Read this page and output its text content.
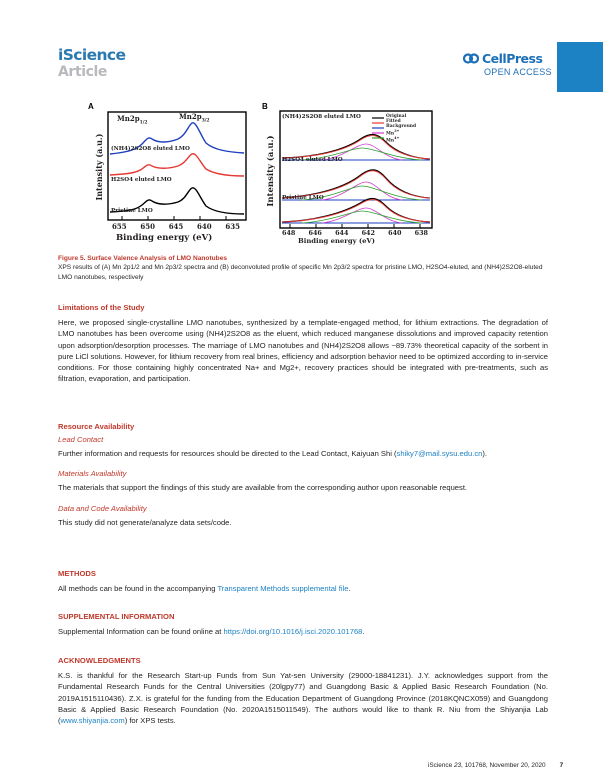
iScience
Article
CellPress
OPEN ACCESS
A
$Mn2p_{1/2}$
$Mn2p_{3/2}$
(NH4)2S2O8 eluted LMO
H2SO4 eluted LMO
Pristine LMO
Intensity (a.u.)
655 650 645 640 635
Binding energy (eV)
B
Original
Fitted
Background
$Mn^{3+}$
$Mn^{4+}$
(NH4)2S2O8 eluted LMO
H2SO4 eluted LMO
Pristine LMO
Intensity (a.u.)
648 646 644 642 640 638
Binding energy (eV)
Figure 5. Surface Valence Analysis of LMO Nanotubes
XPS results of (A) Mn 2p1/2 and Mn 2p3/2 spectra and (B) deconvoluted profile of specific Mn 2p3/2 spectra for pristine LMO, H2SO4-eluted, and (NH4)2S2O8-eluted LMO nanotubes, respectively
Limitations of the Study
Here, we proposed single-crystalline LMO nanotubes, synthesized by a template-engaged method, for lithium extractions. The degradation of LMO nanotubes has been overcome using (NH4)2S2O8 as the eluent, which reduced manganese dissolutions and improved capacity retention upon adsorption/desorption processes. The marriage of LMO nanotubes and (NH4)2S2O8 allows ~89.73% theoretical capacity of the sorbent in pure LiCl solutions. However, for lithium recovery from real brines, efficiency and adsorption behavior need to be optimized according to in-service conditions. For those containing highly concentrated Na+ and Mg2+, recovery practices should be integrated with pre-treatments, such as filtration, evaporation, and participation.
Resource Availability
Lead Contact
Further information and requests for resources should be directed to the Lead Contact, Kaiyuan Shi (shiky7@mail.sysu.edu.cn).
Materials Availability
The materials that support the findings of this study are available from the corresponding author upon reasonable request.
Data and Code Availability
This study did not generate/analyze data sets/code.
METHODS
All methods can be found in the accompanying Transparent Methods supplemental file.
SUPPLEMENTAL INFORMATION
Supplemental Information can be found online at https://doi.org/10.1016/j.isci.2020.101768.
ACKNOWLEDGMENTS
K.S. is thankful for the Research Start-up Funds from Sun Yat-sen University (29000-18841231). J.Y. acknowledges support from the Fundamental Research Funds for the Central Universities (20lgpy77) and Guangdong Basic & Applied Basic Research Foundation (No. 2019A1515110436). Z.X. is grateful for the funding from the Education Department of Guangdong Province (2018KQNCX059) and Guangdong Basic & Applied Basic Research Foundation (No. 2020A1515011549). The authors would like to thank R. Niu from the Shiyanjia Lab (www.shiyanjia.com) for XPS tests.
iScience 23, 101768, November 20, 2020 7
